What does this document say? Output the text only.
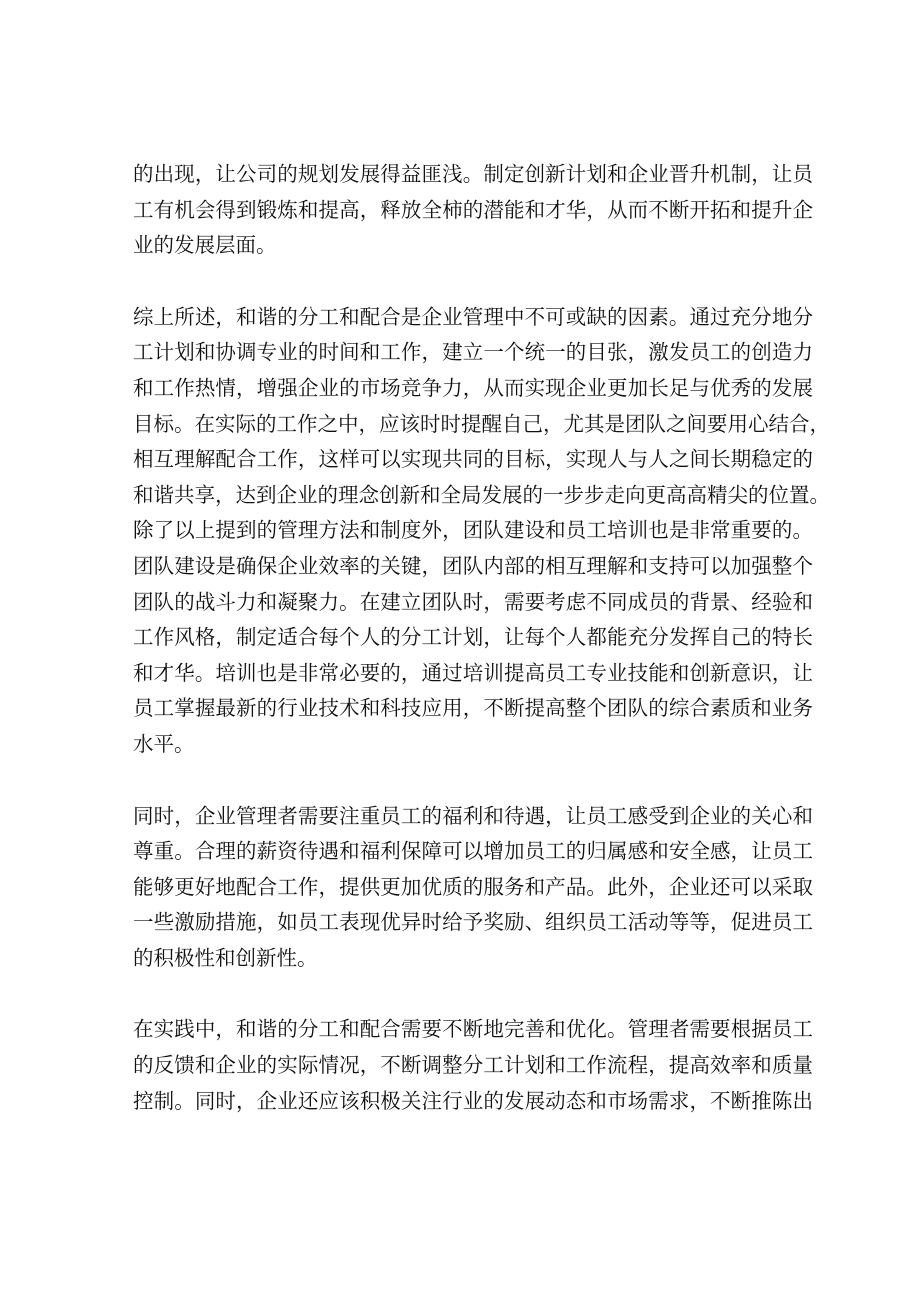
的出现，让公司的规划发展得益匪浅。制定创新计划和企业晋升机制，让员
工有机会得到锻炼和提高，释放全柿的潜能和才华，从而不断开拓和提升企
业的发展层面。
综上所述，和谐的分工和配合是企业管理中不可或缺的因素。通过充分地分
工计划和协调专业的时间和工作，建立一个统一的目张，激发员工的创造力
和工作热情，增强企业的市场竞争力，从而实现企业更加长足与优秀的发展
目标。在实际的工作之中，应该时时提醒自己，尤其是团队之间要用心结合，
相互理解配合工作，这样可以实现共同的目标，实现人与人之间长期稳定的
和谐共享，达到企业的理念创新和全局发展的一步步走向更高高精尖的位置。
除了以上提到的管理方法和制度外，团队建设和员工培训也是非常重要的。
团队建设是确保企业效率的关键，团队内部的相互理解和支持可以加强整个
团队的战斗力和凝聚力。在建立团队时，需要考虑不同成员的背景、经验和
工作风格，制定适合每个人的分工计划，让每个人都能充分发挥自己的特长
和才华。培训也是非常必要的，通过培训提高员工专业技能和创新意识，让
员工掌握最新的行业技术和科技应用，不断提高整个团队的综合素质和业务
水平。
同时，企业管理者需要注重员工的福利和待遇，让员工感受到企业的关心和
尊重。合理的薪资待遇和福利保障可以增加员工的归属感和安全感，让员工
能够更好地配合工作，提供更加优质的服务和产品。此外，企业还可以采取
一些激励措施，如员工表现优异时给予奖励、组织员工活动等等，促进员工
的积极性和创新性。
在实践中，和谐的分工和配合需要不断地完善和优化。管理者需要根据员工
的反馈和企业的实际情况，不断调整分工计划和工作流程，提高效率和质量
控制。同时，企业还应该积极关注行业的发展动态和市场需求，不断推陈出
